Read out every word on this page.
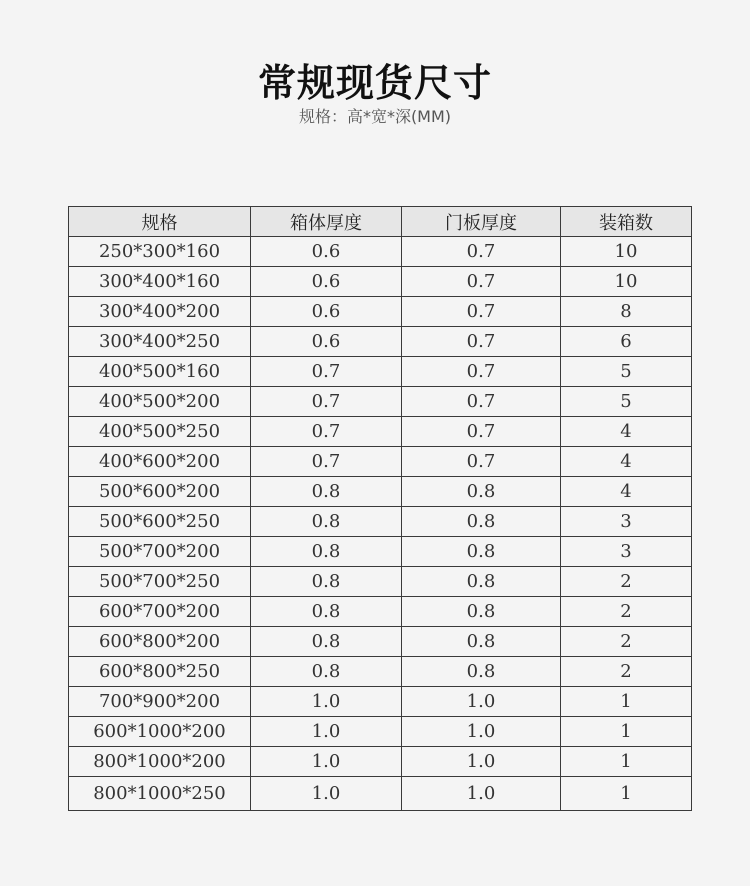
常规现货尺寸
规格：高*宽*深(MM)
规格	箱体厚度	门板厚度	装箱数
250*300*160	0.6	0.7	10
300*400*160	0.6	0.7	10
300*400*200	0.6	0.7	8
300*400*250	0.6	0.7	6
400*500*160	0.7	0.7	5
400*500*200	0.7	0.7	5
400*500*250	0.7	0.7	4
400*600*200	0.7	0.7	4
500*600*200	0.8	0.8	4
500*600*250	0.8	0.8	3
500*700*200	0.8	0.8	3
500*700*250	0.8	0.8	2
600*700*200	0.8	0.8	2
600*800*200	0.8	0.8	2
600*800*250	0.8	0.8	2
700*900*200	1.0	1.0	1
600*1000*200	1.0	1.0	1
800*1000*200	1.0	1.0	1
800*1000*250	1.0	1.0	1
